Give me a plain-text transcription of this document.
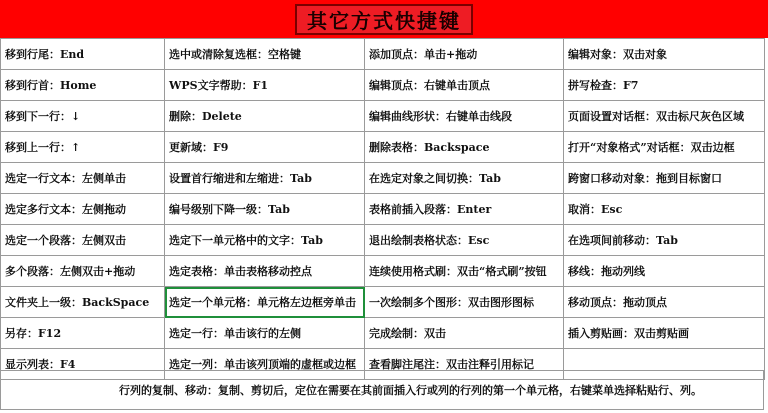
其它方式快捷键
移到行尾：End	选中或清除复选框：空格键	添加顶点：单击+拖动	编辑对象：双击对象
移到行首：Home	WPS文字帮助：F1	编辑顶点：右键单击顶点	拼写检查：F7
移到下一行：↓	删除：Delete	编辑曲线形状：右键单击线段	页面设置对话框：双击标尺灰色区域
移到上一行：↑	更新域：F9	删除表格：Backspace	打开“对象格式”对话框：双击边框
选定一行文本：左侧单击	设置首行缩进和左缩进：Tab	在选定对象之间切换：Tab	跨窗口移动对象：拖到目标窗口
选定多行文本：左侧拖动	编号级别下降一级：Tab	表格前插入段落：Enter	取消：Esc
选定一个段落：左侧双击	选定下一单元格中的文字：Tab	退出绘制表格状态：Esc	在选项间前移动：Tab
多个段落：左侧双击+拖动	选定表格：单击表格移动控点	连续使用格式刷：双击“格式刷”按钮	移线：拖动列线
文件夹上一级：BackSpace	选定一个单元格：单元格左边框旁单击	一次绘制多个图形：双击图形图标	移动顶点：拖动顶点
另存：F12	选定一行：单击该行的左侧	完成绘制：双击	插入剪贴画：双击剪贴画
显示列表：F4	选定一列：单击该列顶端的虚框或边框	查看脚注尾注：双击注释引用标记	
行列的复制、移动：复制、剪切后，定位在需要在其前面插入行或列的行列的第一个单元格，右键菜单选择粘贴行、列。
